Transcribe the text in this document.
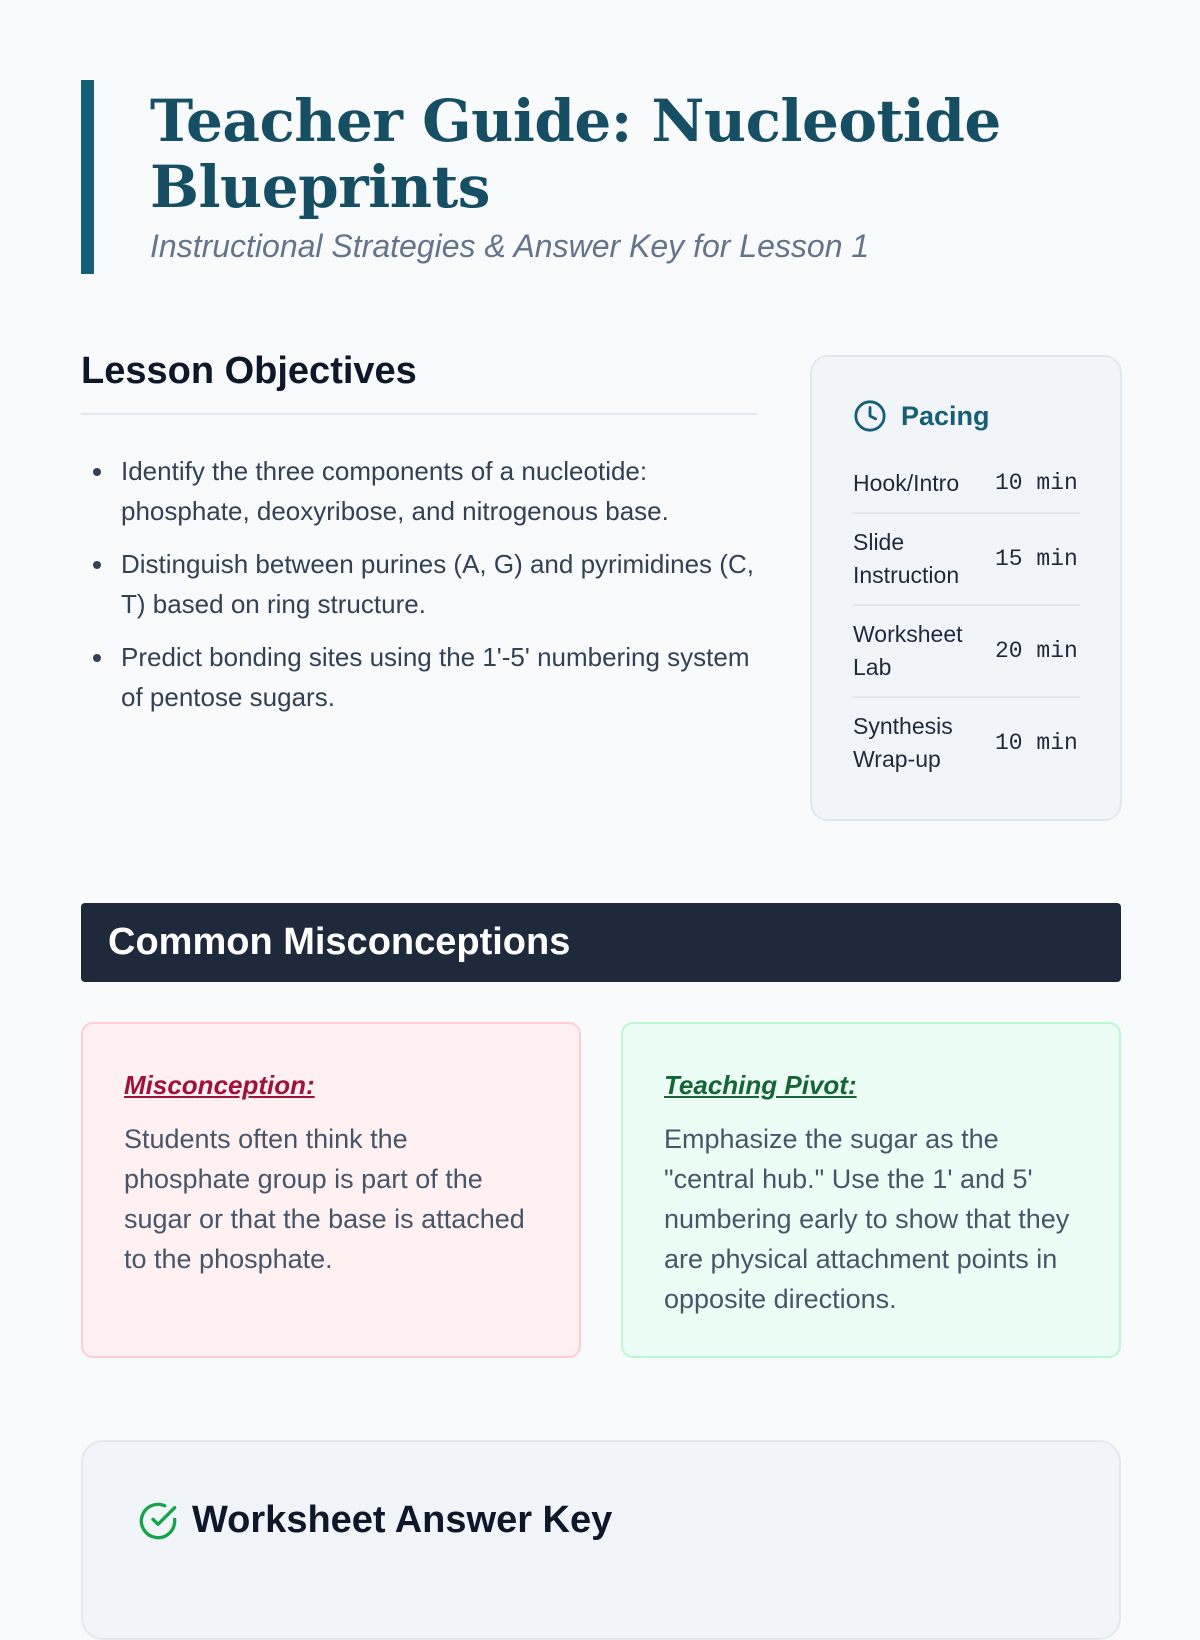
Teacher Guide: Nucleotide Blueprints
Instructional Strategies & Answer Key for Lesson 1
Lesson Objectives
Identify the three components of a nucleotide: phosphate, deoxyribose, and nitrogenous base.
Distinguish between purines (A, G) and pyrimidines (C, T) based on ring structure.
Predict bonding sites using the 1'-5' numbering system of pentose sugars.
Pacing
Hook/Intro	10 min
Slide Instruction
15 min
Worksheet Lab
20 min
Synthesis Wrap-up
10 min
Common Misconceptions
Misconception:
Students often think the phosphate group is part of the sugar or that the base is attached to the phosphate.
Teaching Pivot:
Emphasize the sugar as the "central hub." Use the 1' and 5' numbering early to show that they are physical attachment points in opposite directions.
Worksheet Answer Key
